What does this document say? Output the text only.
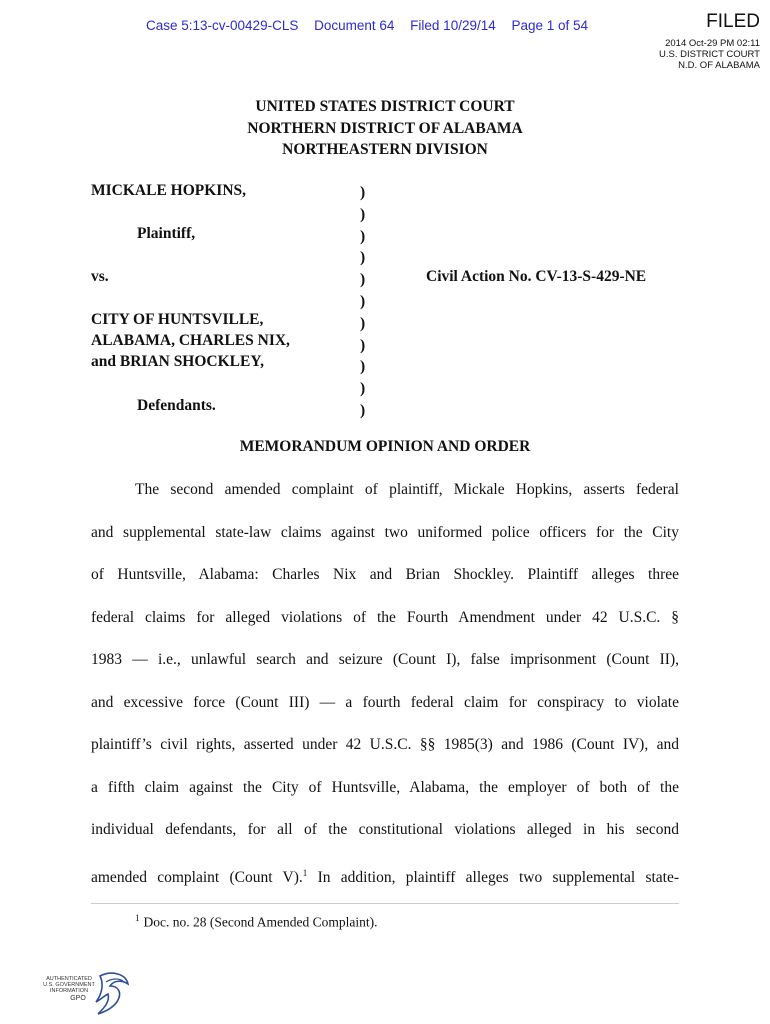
Case 5:13-cv-00429-CLS Document 64 Filed 10/29/14 Page 1 of 54	FILED
2014 Oct-29 PM 02:11
U.S. DISTRICT COURT
N.D. OF ALABAMA
UNITED STATES DISTRICT COURT
NORTHERN DISTRICT OF ALABAMA
NORTHEASTERN DIVISION
MICKALE HOPKINS,
Plaintiff,
vs.
CITY OF HUNTSVILLE,
ALABAMA, CHARLES NIX,
and BRIAN SHOCKLEY,
Defendants.
)
)
)
)
)
)
)
)
)
)
)
Civil Action No. CV-13-S-429-NE
MEMORANDUM OPINION AND ORDER

The second amended complaint of plaintiff, Mickale Hopkins, asserts federal

and supplemental state-law claims against two uniformed police officers for the City

of Huntsville, Alabama: Charles Nix and Brian Shockley. Plaintiff alleges three

federal claims for alleged violations of the Fourth Amendment under 42 U.S.C. §

1983 — i.e., unlawful search and seizure (Count I), false imprisonment (Count II),

and excessive force (Count III) — a fourth federal claim for conspiracy to violate

plaintiff’s civil rights, asserted under 42 U.S.C. §§ 1985(3) and 1986 (Count IV), and

a fifth claim against the City of Huntsville, Alabama, the employer of both of the

individual defendants, for all of the constitutional violations alleged in his second

amended complaint (Count V).$^1$ In addition, plaintiff alleges two supplemental state-

$^1$ Doc. no. 28 (Second Amended Complaint).
AUTHENTICATED
U.S. GOVERNMENT
INFORMATION
GPO
